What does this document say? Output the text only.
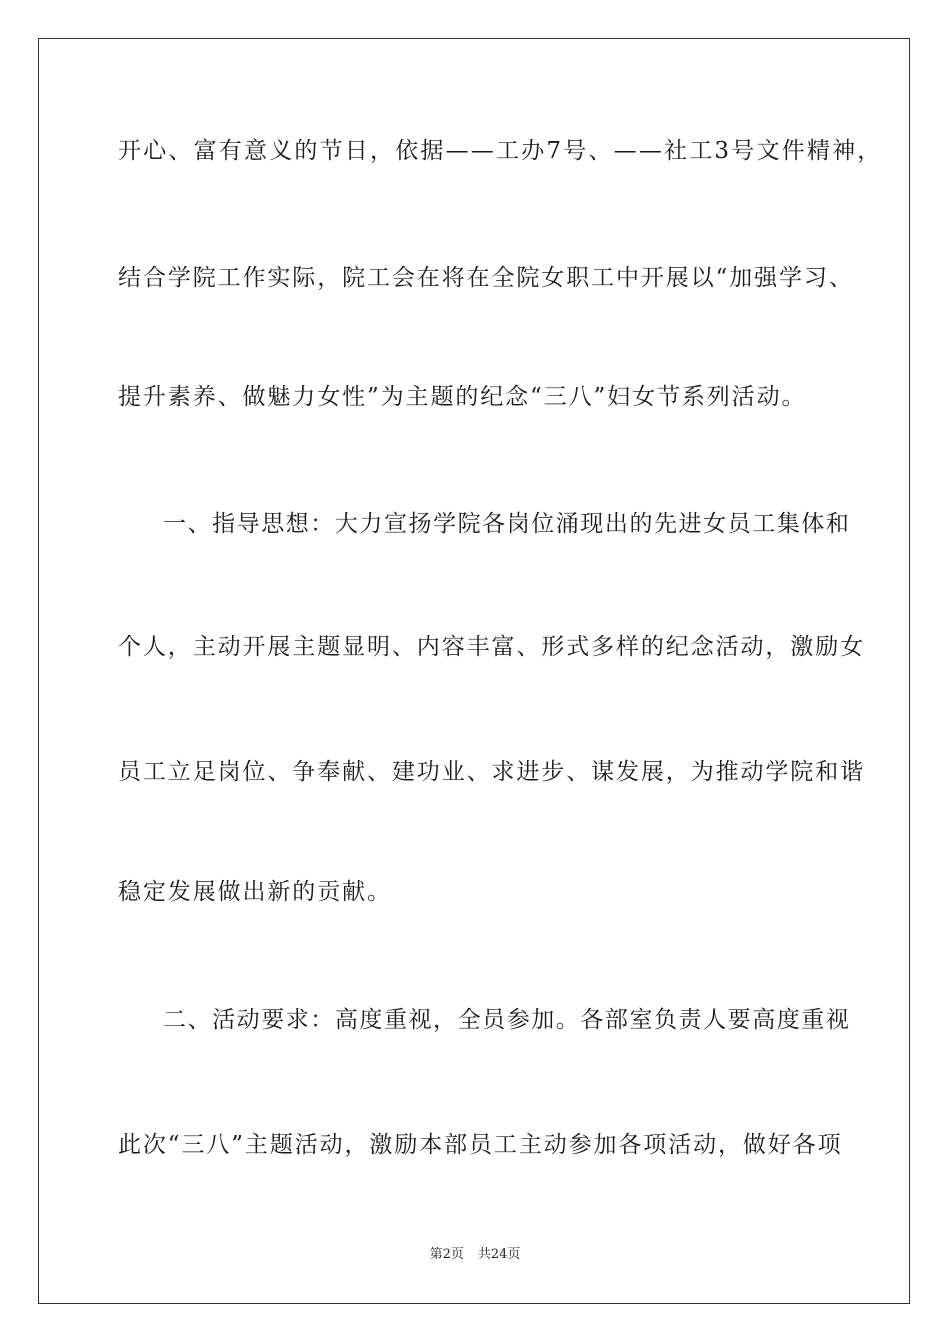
开心、富有意义的节日，依据——工办7号、——社工3号文件精神，
结合学院工作实际，院工会在将在全院女职工中开展以“加强学习、
提升素养、做魅力女性”为主题的纪念“三八”妇女节系列活动。
一、指导思想：大力宣扬学院各岗位涌现出的先进女员工集体和
个人，主动开展主题显明、内容丰富、形式多样的纪念活动，激励女
员工立足岗位、争奉献、建功业、求进步、谋发展，为推动学院和谐
稳定发展做出新的贡献。
二、活动要求：高度重视，全员参加。各部室负责人要高度重视
此次“三八”主题活动，激励本部员工主动参加各项活动，做好各项
第2页 共24页
